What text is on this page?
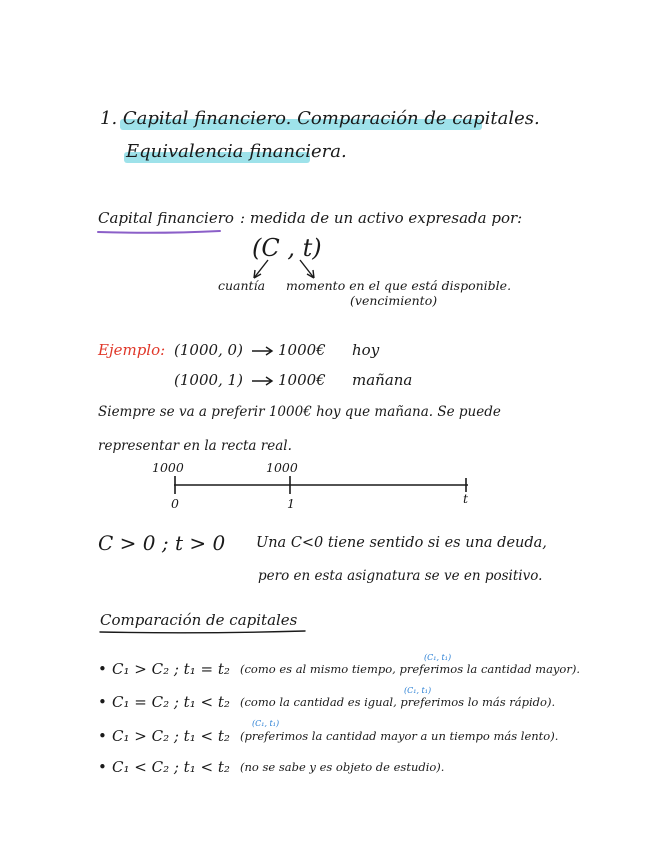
1. Capital financiero. Comparación de capitales.
Equivalencia financiera.
Capital financiero : medida de un activo expresada por:
(C , t)
cuantía momento en el que está disponible.
(vencimiento)
Ejemplo: (1000, 0) 1000€ hoy
(1000, 1) 1000€ mañana
Siempre se va a preferir 1000€ hoy que mañana. Se puede
representar en la recta real.
1000	1000
0	1	t
C > 0 ; t > 0 Una C<0 tiene sentido si es una deuda,
pero en esta asignatura se ve en positivo.
Comparación de capitales
(C₁, t₁)
• C₁ > C₂ ; t₁ = t₂ (como es al mismo tiempo, preferimos la cantidad mayor).
(C₁, t₁)
• C₁ = C₂ ; t₁ < t₂ (como la cantidad es igual, preferimos lo más rápido).
(C₁, t₁)
• C₁ > C₂ ; t₁ < t₂ (preferimos la cantidad mayor a un tiempo más lento).
• C₁ < C₂ ; t₁ < t₂ (no se sabe y es objeto de estudio).
